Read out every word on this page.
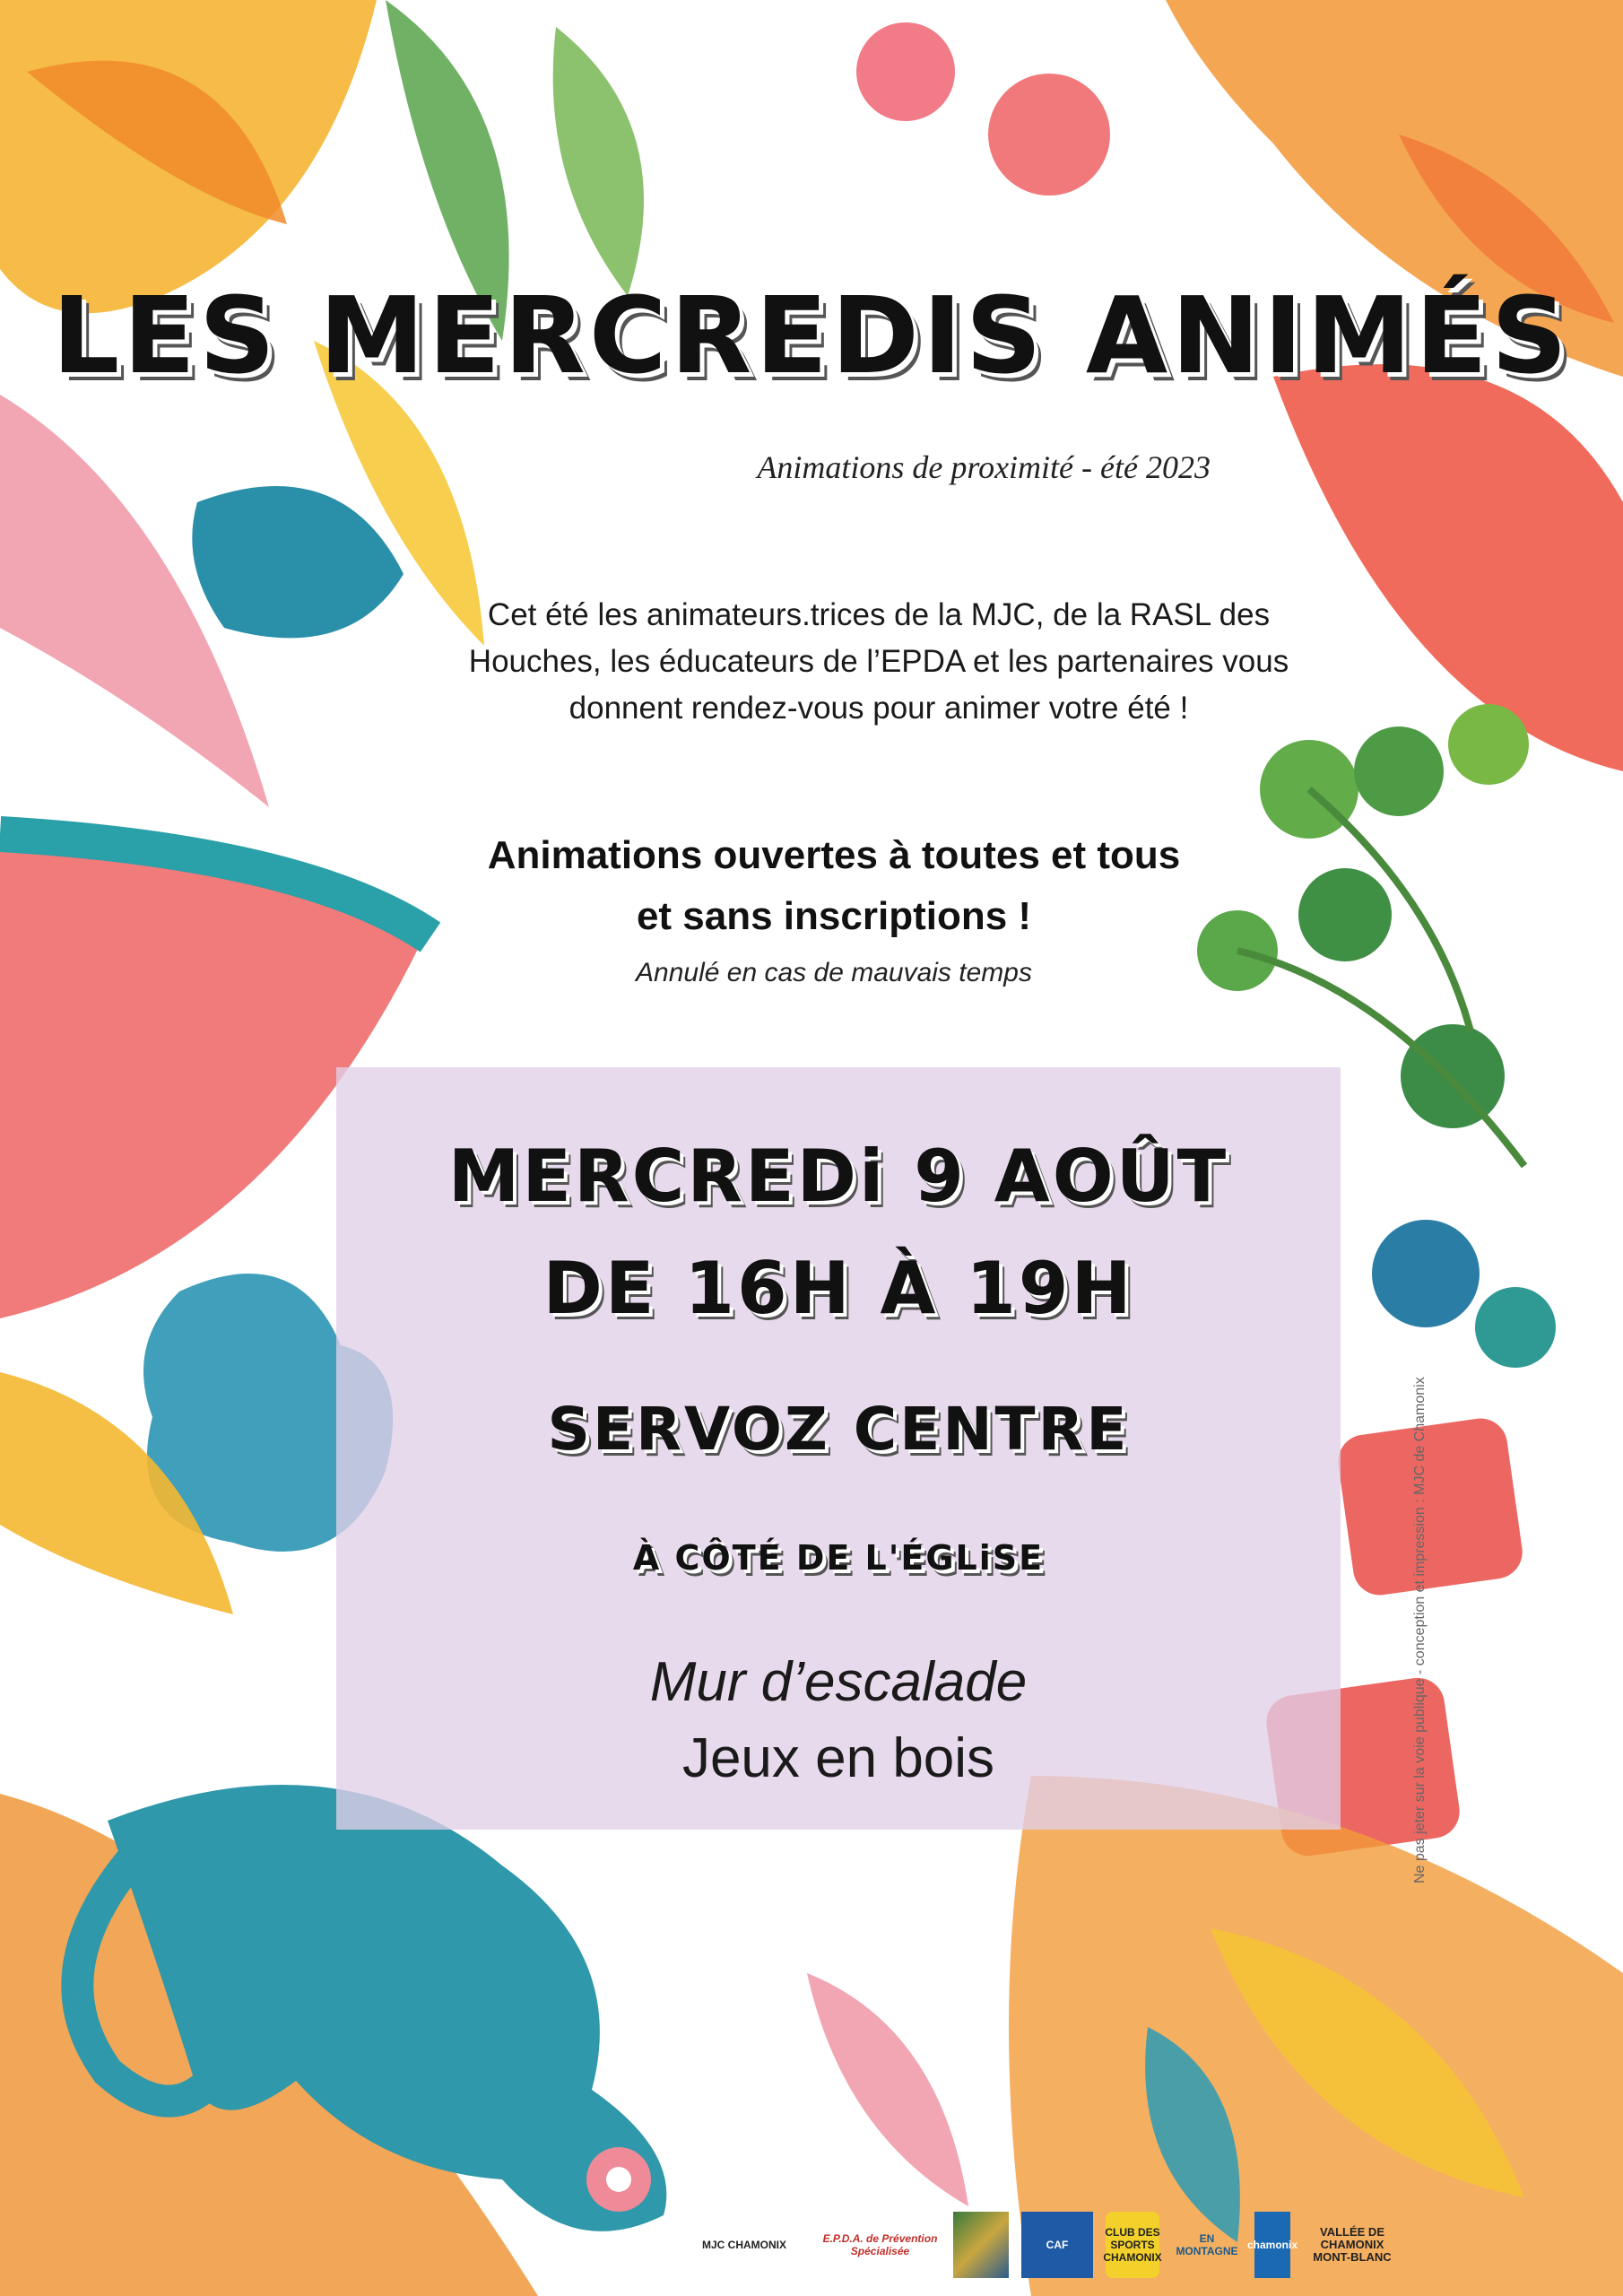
LES MERCREDIS ANIMÉS
Animations de proximité - été 2023
Cet été les animateurs.trices de la MJC, de la RASL des Houches, les éducateurs de l’EPDA et les partenaires vous donnent rendez-vous pour animer votre été !
Animations ouvertes à toutes et tous
et sans inscriptions !
Annulé en cas de mauvais temps
MERCREDi 9 AOÛT
DE 16H À 19H
SERVOZ CENTRE
À CÔTÉ DE L'ÉGLiSE
Mur d’escalade
Jeux en bois	Ne pas jeter sur la voie publique - conception et impression : MJC de Chamonix
MJC CHAMONIX	E.P.D.A. de Prévention Spécialisée	CAF
CLUB DES SPORTS CHAMONIX
EN MONTAGNE chamonix
VALLÉE DE CHAMONIX MONT-BLANC
